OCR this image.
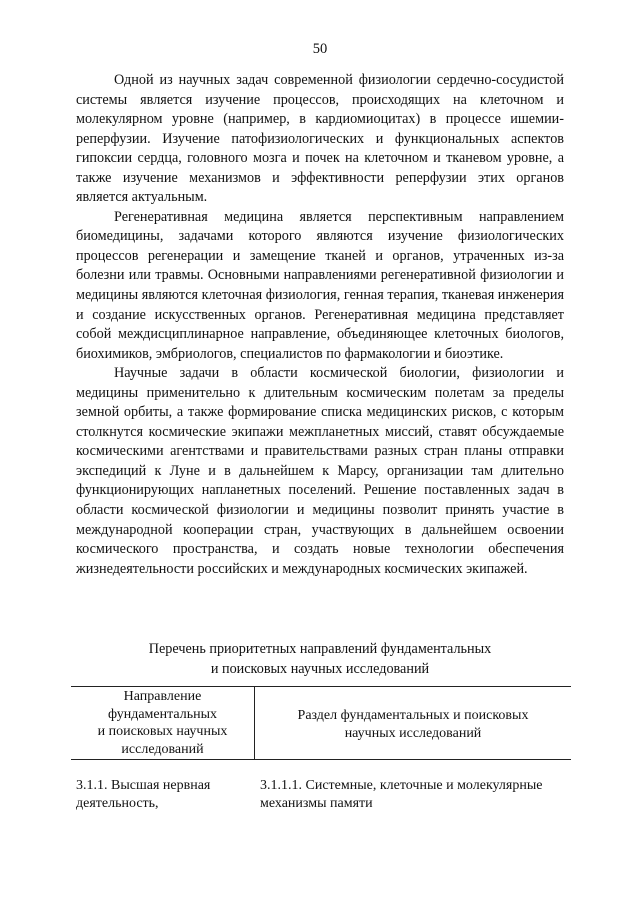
50

Одной из научных задач современной физиологии сердечно-сосудистой системы является изучение процессов, происходящих на клеточном и молекулярном уровне (например, в кардиомиоцитах) в процессе ишемии-реперфузии. Изучение патофизиологических и функциональных аспектов гипоксии сердца, головного мозга и почек на клеточном и тканевом уровне, а также изучение механизмов и эффективности реперфузии этих органов является актуальным.

Регенеративная медицина является перспективным направлением биомедицины, задачами которого являются изучение физиологических процессов регенерации и замещение тканей и органов, утраченных из-за болезни или травмы. Основными направлениями регенеративной физиологии и медицины являются клеточная физиология, генная терапия, тканевая инженерия и создание искусственных органов. Регенеративная медицина представляет собой междисциплинарное направление, объединяющее клеточных биологов, биохимиков, эмбриологов, специалистов по фармакологии и биоэтике.

Научные задачи в области космической биологии, физиологии и медицины применительно к длительным космическим полетам за пределы земной орбиты, а также формирование списка медицинских рисков, с которым столкнутся космические экипажи межпланетных миссий, ставят обсуждаемые космическими агентствами и правительствами разных стран планы отправки экспедиций к Луне и в дальнейшем к Марсу, организации там длительно функционирующих напланетных поселений. Решение поставленных задач в области космической физиологии и медицины позволит принять участие в международной кооперации стран, участвующих в дальнейшем освоении космического пространства, и создать новые технологии обеспечения жизнедеятельности российских и международных космических экипажей.

Перечень приоритетных направлений фундаментальных
и поисковых научных исследований
Направление
фундаментальных
и поисковых научных
исследований
Раздел фундаментальных и поисковых
научных исследований
3.1.1. Высшая нервная
деятельность,
3.1.1.1. Системные, клеточные и молекулярные
механизмы памяти
